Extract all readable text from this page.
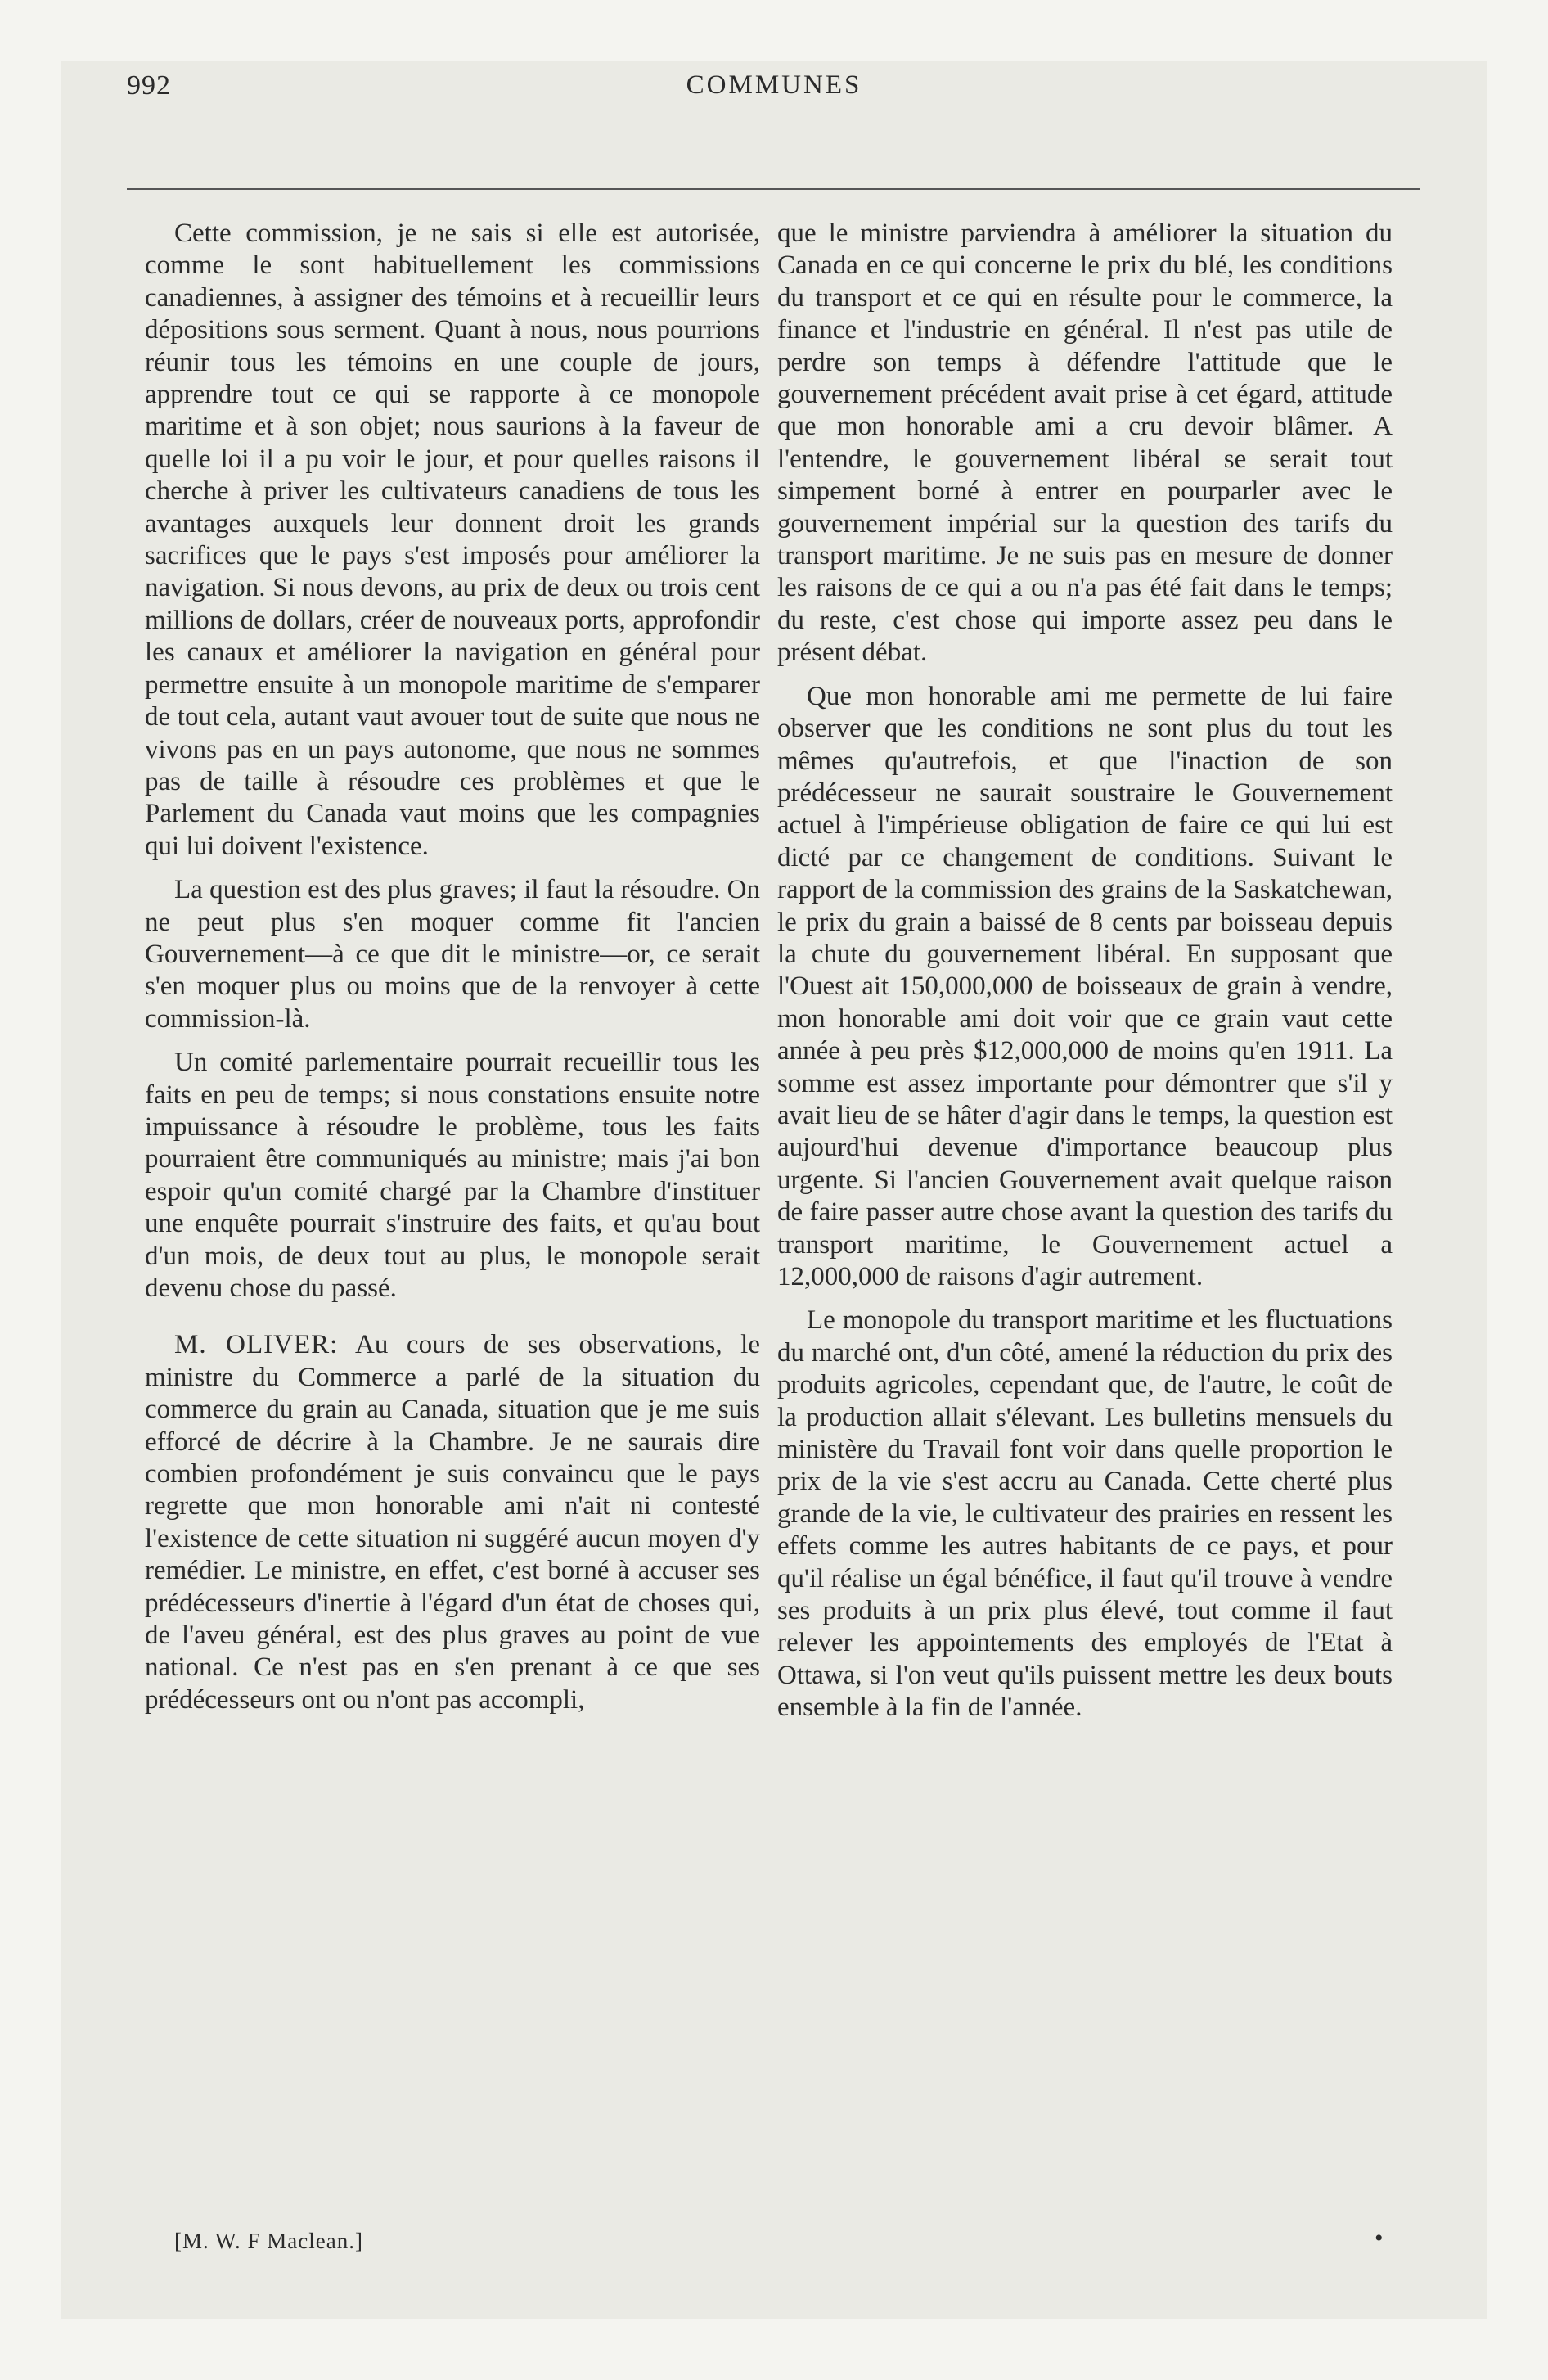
992	COMMUNES

Cette commission, je ne sais si elle est autorisée, comme le sont habituellement les commissions canadiennes, à assigner des témoins et à recueillir leurs dépositions sous serment. Quant à nous, nous pourrions réunir tous les témoins en une couple de jours, apprendre tout ce qui se rapporte à ce monopole maritime et à son objet; nous saurions à la faveur de quelle loi il a pu voir le jour, et pour quelles raisons il cherche à priver les cultivateurs canadiens de tous les avantages auxquels leur donnent droit les grands sacrifices que le pays s'est imposés pour améliorer la navigation. Si nous devons, au prix de deux ou trois cent millions de dollars, créer de nouveaux ports, approfondir les canaux et améliorer la navigation en général pour permettre ensuite à un monopole maritime de s'emparer de tout cela, autant vaut avouer tout de suite que nous ne vivons pas en un pays autonome, que nous ne sommes pas de taille à résoudre ces problèmes et que le Parlement du Canada vaut moins que les compagnies qui lui doivent l'existence.

La question est des plus graves; il faut la résoudre. On ne peut plus s'en moquer comme fit l'ancien Gouvernement—à ce que dit le ministre—or, ce serait s'en moquer plus ou moins que de la renvoyer à cette commission-là.

Un comité parlementaire pourrait recueillir tous les faits en peu de temps; si nous constations ensuite notre impuissance à résoudre le problème, tous les faits pourraient être communiqués au ministre; mais j'ai bon espoir qu'un comité chargé par la Chambre d'instituer une enquête pourrait s'instruire des faits, et qu'au bout d'un mois, de deux tout au plus, le monopole serait devenu chose du passé.

M. OLIVER: Au cours de ses observations, le ministre du Commerce a parlé de la situation du commerce du grain au Canada, situation que je me suis efforcé de décrire à la Chambre. Je ne saurais dire combien profondément je suis convaincu que le pays regrette que mon honorable ami n'ait ni contesté l'existence de cette situation ni suggéré aucun moyen d'y remédier. Le ministre, en effet, c'est borné à accuser ses prédécesseurs d'inertie à l'égard d'un état de choses qui, de l'aveu général, est des plus graves au point de vue national. Ce n'est pas en s'en prenant à ce que ses prédécesseurs ont ou n'ont pas accompli,

que le ministre parviendra à améliorer la situation du Canada en ce qui concerne le prix du blé, les conditions du transport et ce qui en résulte pour le commerce, la finance et l'industrie en général. Il n'est pas utile de perdre son temps à défendre l'attitude que le gouvernement précédent avait prise à cet égard, attitude que mon honorable ami a cru devoir blâmer. A l'entendre, le gouvernement libéral se serait tout simpement borné à entrer en pourparler avec le gouvernement impérial sur la question des tarifs du transport maritime. Je ne suis pas en mesure de donner les raisons de ce qui a ou n'a pas été fait dans le temps; du reste, c'est chose qui importe assez peu dans le présent débat.

Que mon honorable ami me permette de lui faire observer que les conditions ne sont plus du tout les mêmes qu'autrefois, et que l'inaction de son prédécesseur ne saurait soustraire le Gouvernement actuel à l'impérieuse obligation de faire ce qui lui est dicté par ce changement de conditions. Suivant le rapport de la commission des grains de la Saskatchewan, le prix du grain a baissé de 8 cents par boisseau depuis la chute du gouvernement libéral. En supposant que l'Ouest ait 150,000,000 de boisseaux de grain à vendre, mon honorable ami doit voir que ce grain vaut cette année à peu près $12,000,000 de moins qu'en 1911. La somme est assez importante pour démontrer que s'il y avait lieu de se hâter d'agir dans le temps, la question est aujourd'hui devenue d'importance beaucoup plus urgente. Si l'ancien Gouvernement avait quelque raison de faire passer autre chose avant la question des tarifs du transport maritime, le Gouvernement actuel a 12,000,000 de raisons d'agir autrement.

Le monopole du transport maritime et les fluctuations du marché ont, d'un côté, amené la réduction du prix des produits agricoles, cependant que, de l'autre, le coût de la production allait s'élevant. Les bulletins mensuels du ministère du Travail font voir dans quelle proportion le prix de la vie s'est accru au Canada. Cette cherté plus grande de la vie, le cultivateur des prairies en ressent les effets comme les autres habitants de ce pays, et pour qu'il réalise un égal bénéfice, il faut qu'il trouve à vendre ses produits à un prix plus élevé, tout comme il faut relever les appointements des employés de l'Etat à Ottawa, si l'on veut qu'ils puissent mettre les deux bouts ensemble à la fin de l'année.

[M. W. F Maclean.]	•
